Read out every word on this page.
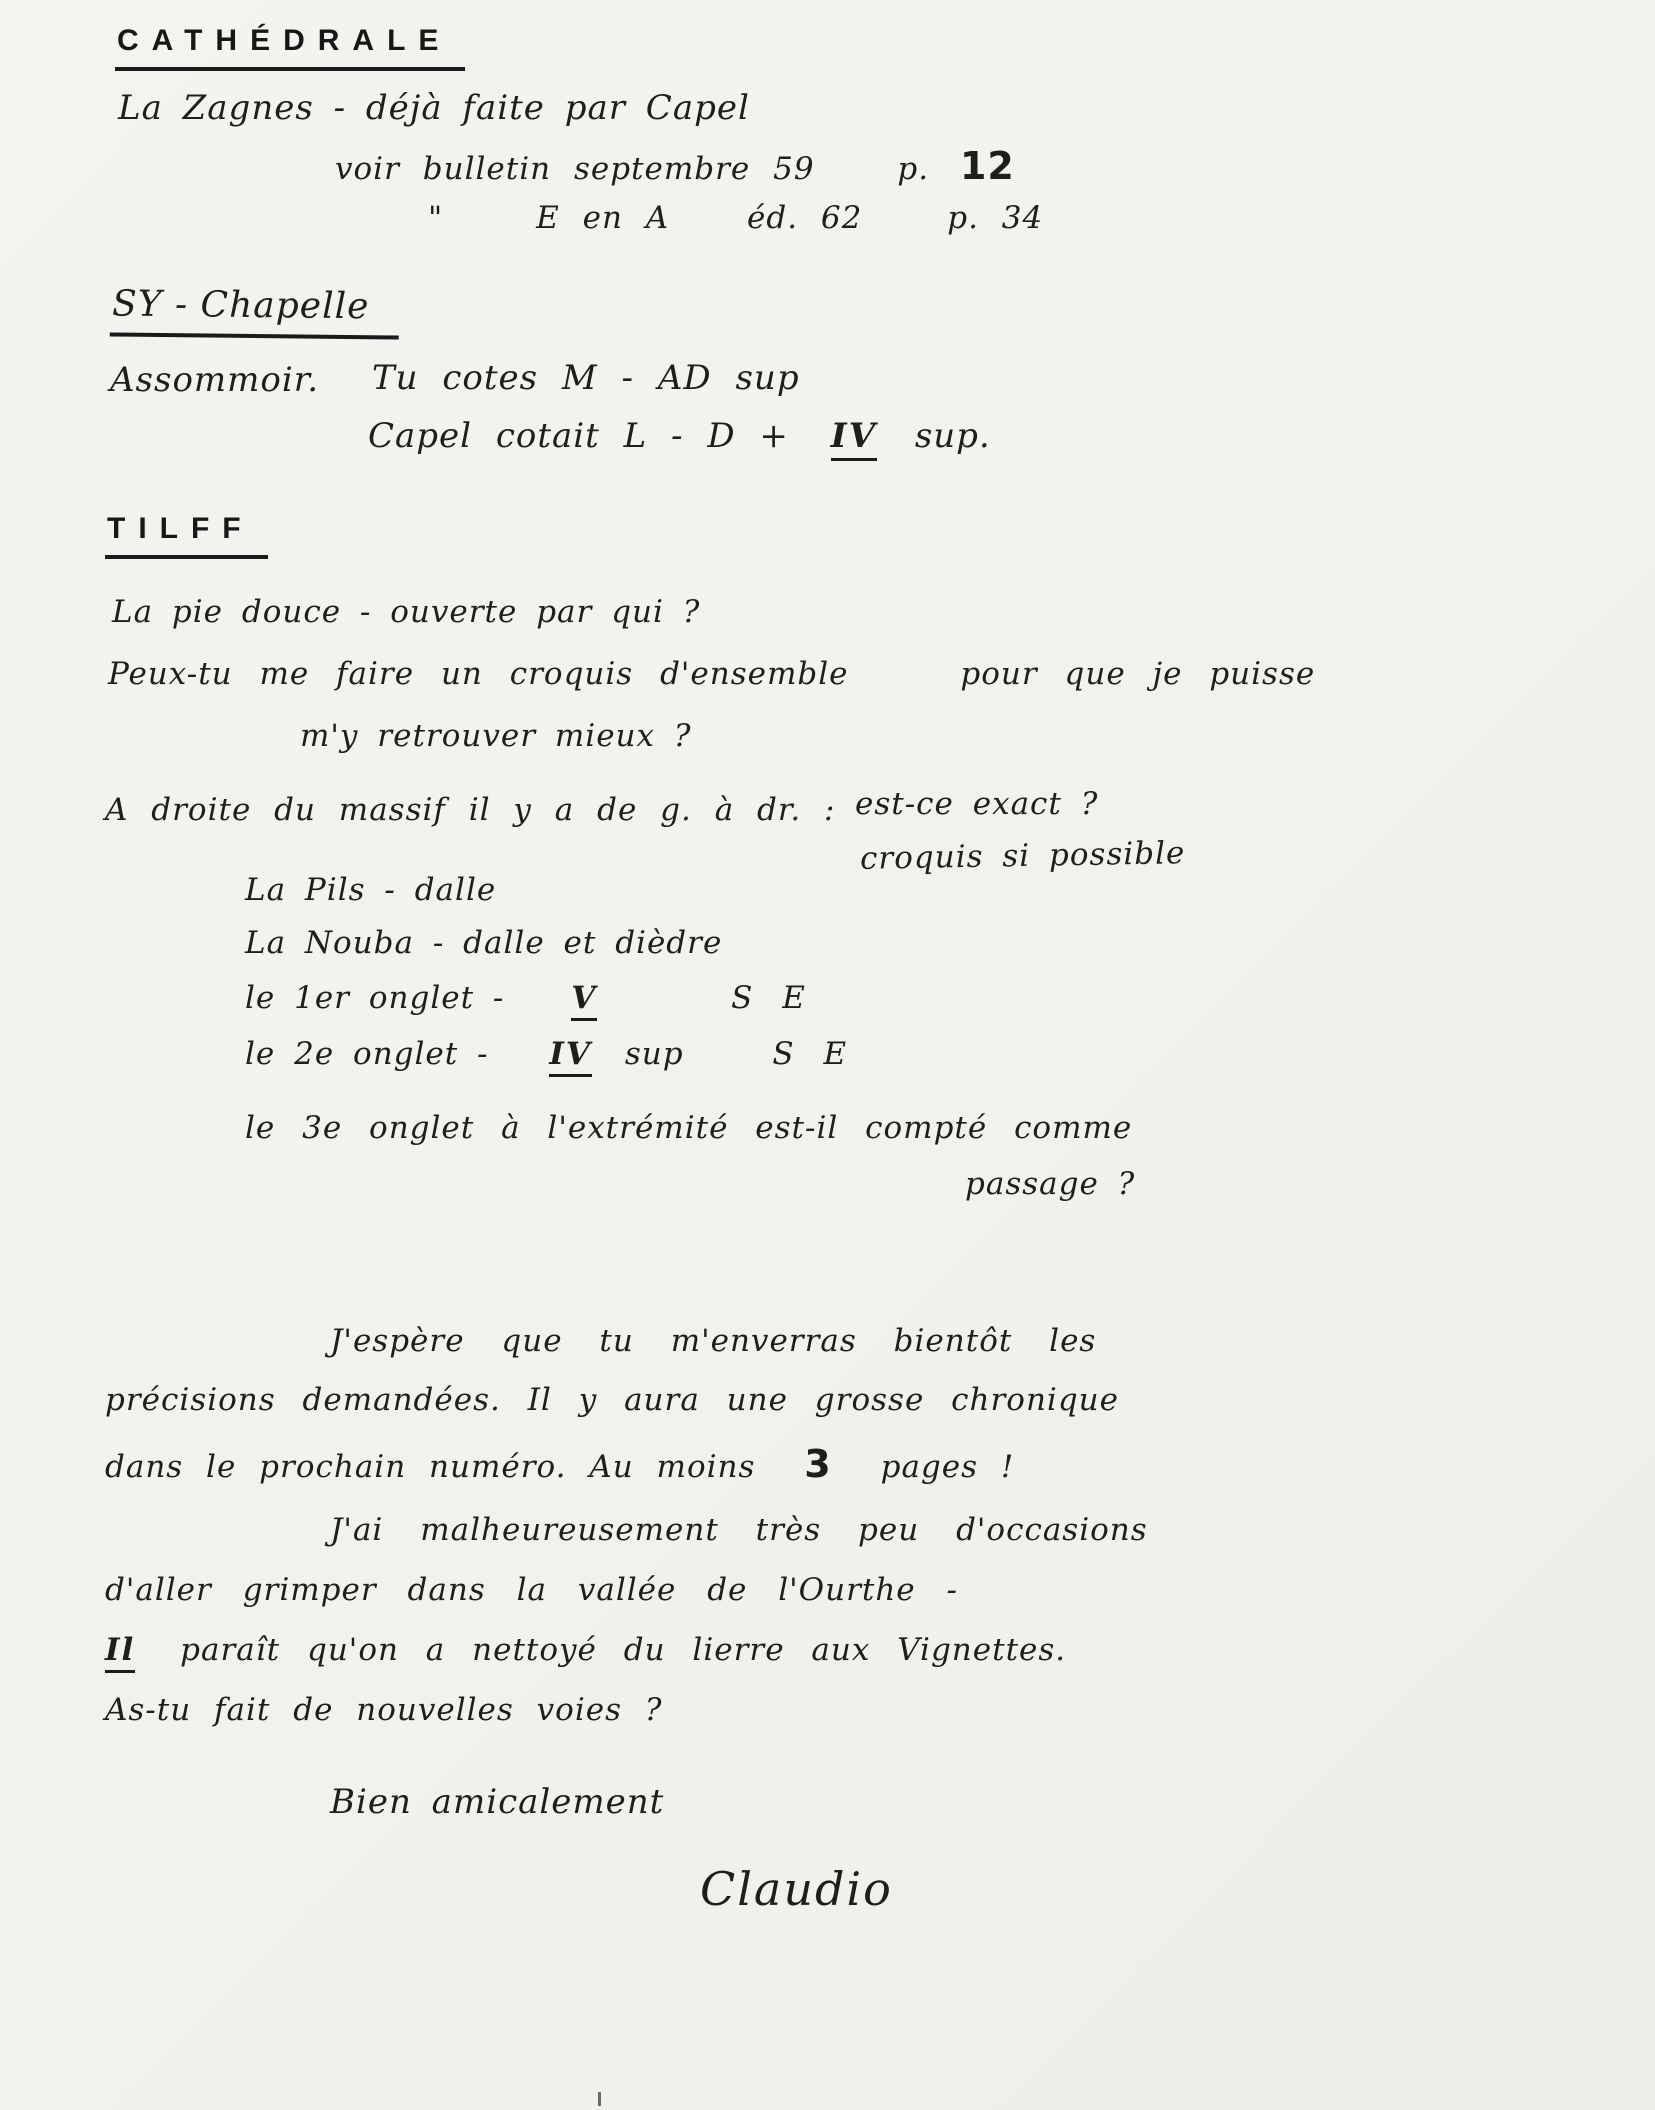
CATHÉDRALE
La Zagnes - déjà faite par Capel
voir bulletin septembre 59	p. 12
"	E en A	éd. 62	p. 34
SY - Chapelle
Assommoir. Tu cotes M - AD sup
Capel cotait L - D + IV sup.
TILFF
La pie douce - ouverte par qui ?
Peux-tu me faire un croquis d'ensemble	pour que je puisse
m'y retrouver mieux ?
A droite du massif il y a de g. à dr. : est-ce exact ?
croquis si possible
La Pils - dalle
La Nouba - dalle et dièdre
le 1er onglet - V	S E
le 2e onglet - IV sup	S E
le 3e onglet à l'extrémité est-il compté comme
passage ?
J'espère que tu m'enverras bientôt les
précisions demandées. Il y aura une grosse chronique
dans le prochain numéro. Au moins 3 pages !
J'ai malheureusement très peu d'occasions
d'aller grimper dans la vallée de l'Ourthe -
Il paraît qu'on a nettoyé du lierre aux Vignettes.
As-tu fait de nouvelles voies ?
Bien amicalement
Claudio
